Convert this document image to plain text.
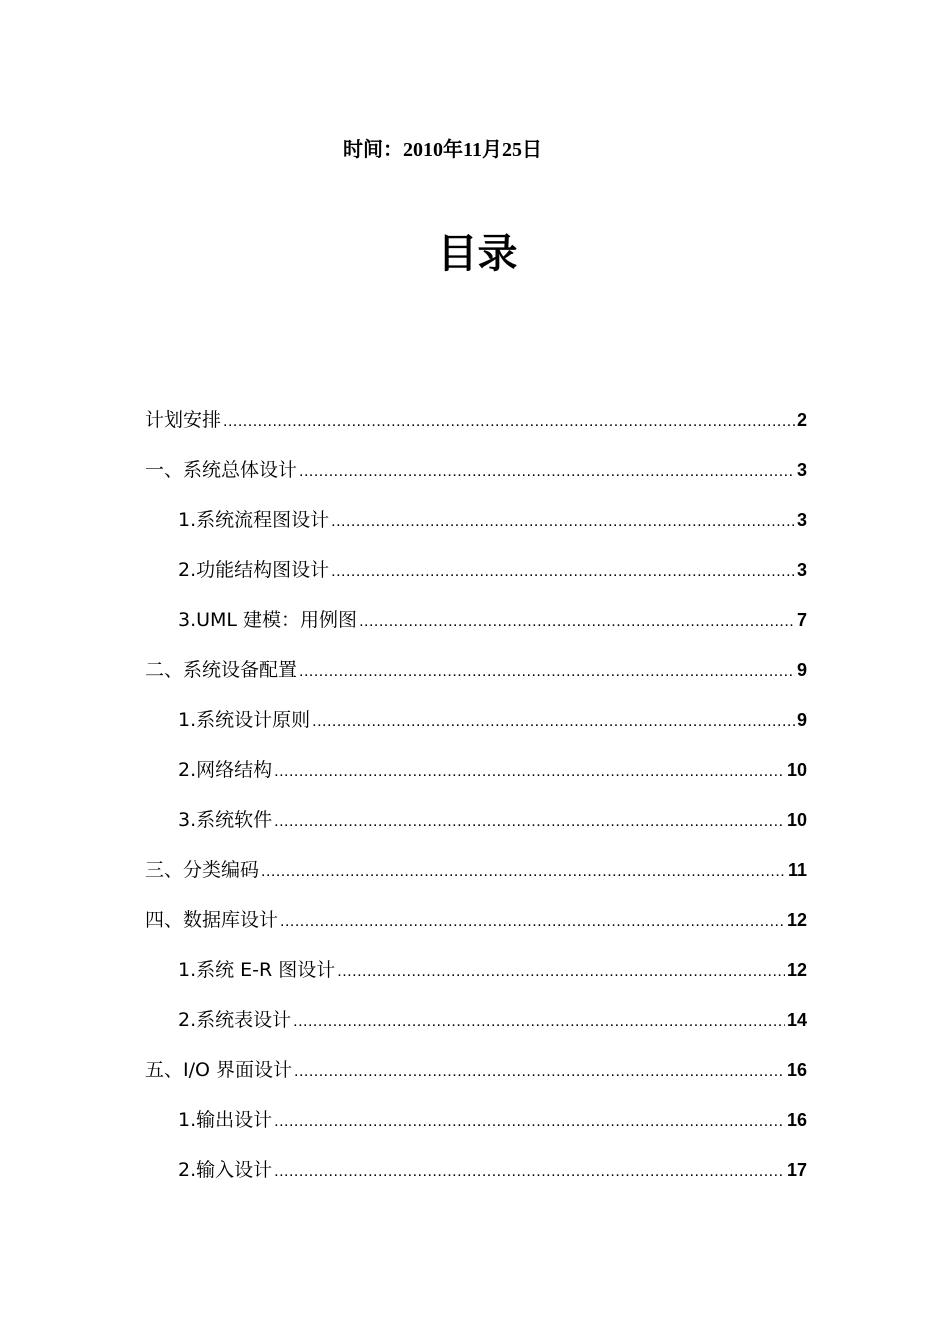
时间：2010年11月25日
目录
计划安排 .....	2
一、系统总体设计 .....	3
1.系统流程图设计 .....	3
2.功能结构图设计 .....	3
3.UML 建模：用例图 .....	7
二、系统设备配置 .....	9
1.系统设计原则 .....	9
2.网络结构 .....	10
3.系统软件 .....	10
三、分类编码 .....	11
四、数据库设计 .....	12
1.系统 E-R 图设计 .....	12
2.系统表设计 .....	14
五、I/O 界面设计 .....	16
1.输出设计 .....	16
2.输入设计 .....	17
